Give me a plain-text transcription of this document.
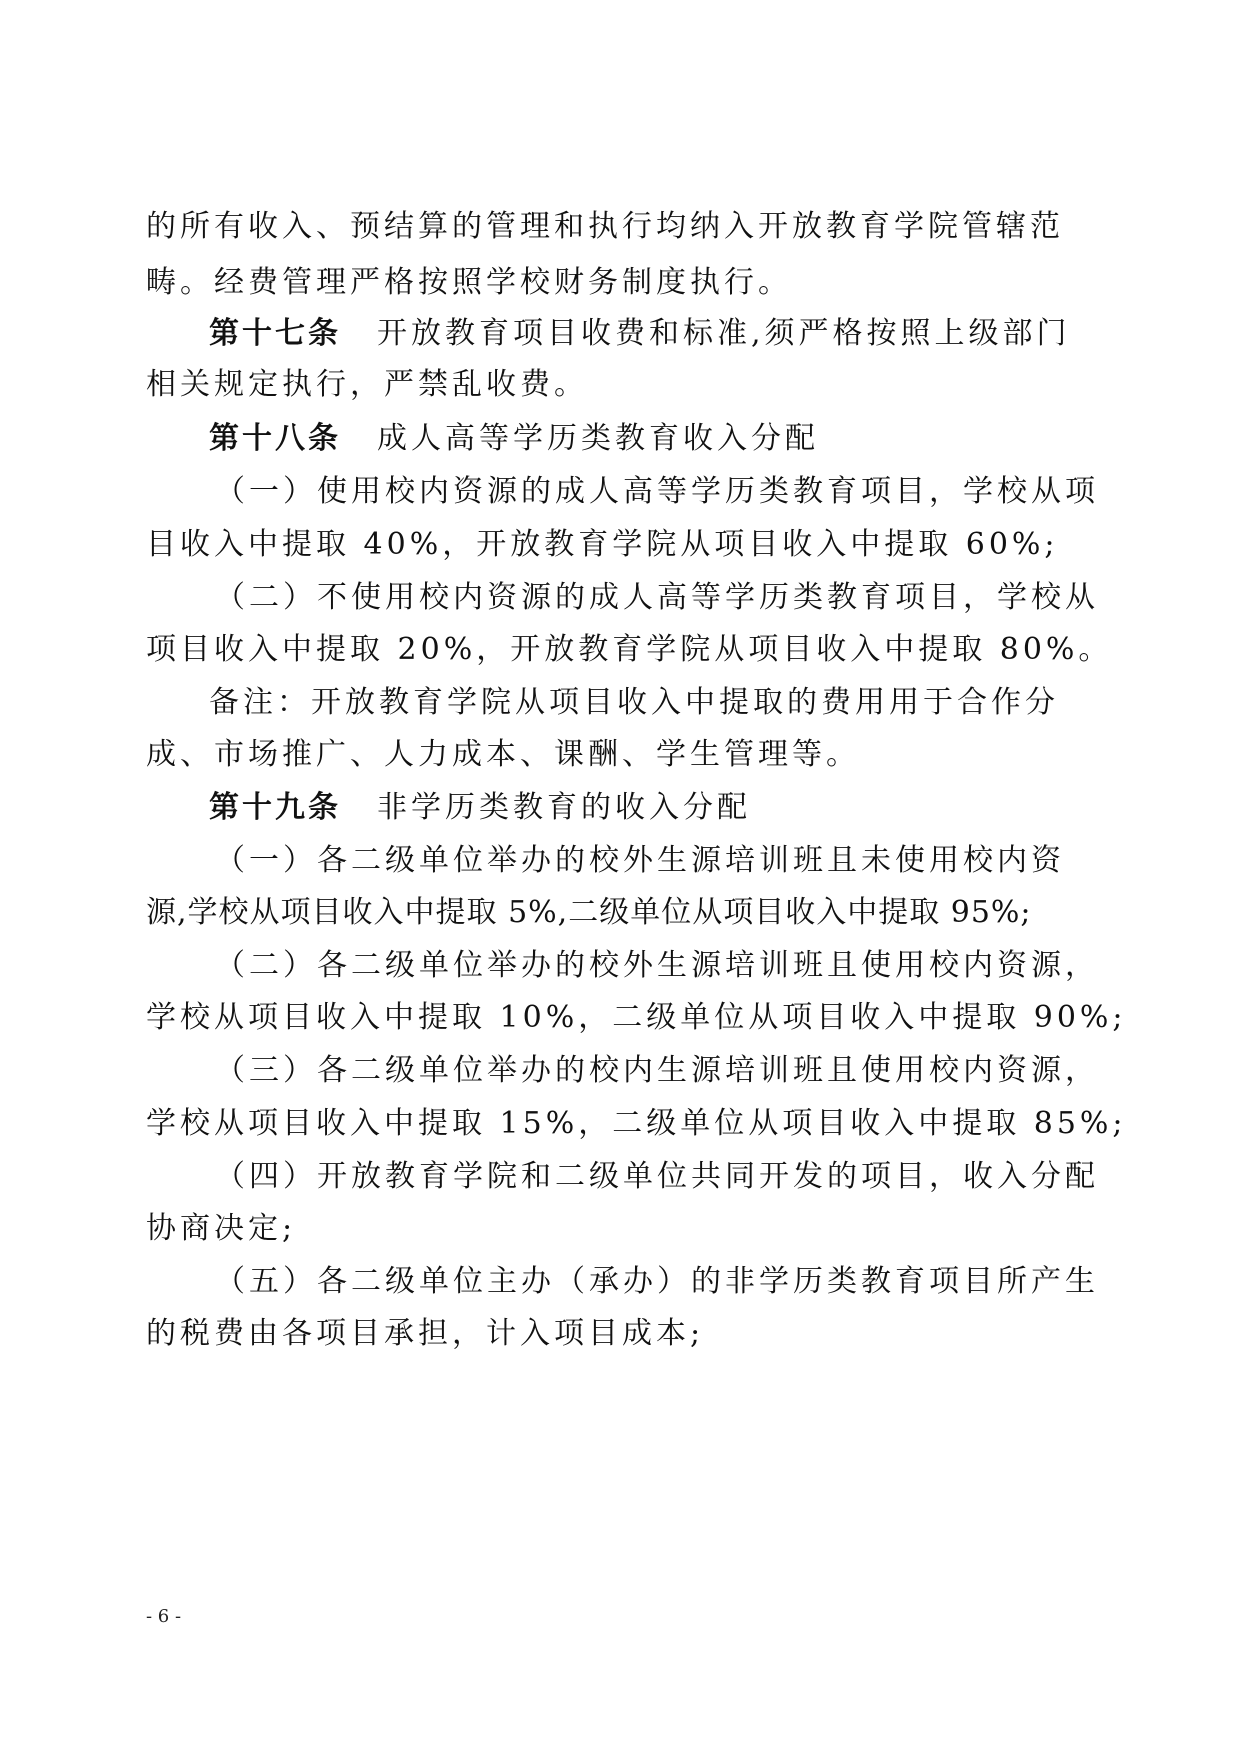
的所有收入、预结算的管理和执行均纳入开放教育学院管辖范
畴。经费管理严格按照学校财务制度执行。
第十七条 开放教育项目收费和标准,须严格按照上级部门
相关规定执行，严禁乱收费。
第十八条 成人高等学历类教育收入分配
（一）使用校内资源的成人高等学历类教育项目，学校从项
目收入中提取 40%，开放教育学院从项目收入中提取 60%;
（二）不使用校内资源的成人高等学历类教育项目，学校从
项目收入中提取 20%，开放教育学院从项目收入中提取 80%。
备注：开放教育学院从项目收入中提取的费用用于合作分
成、市场推广、人力成本、课酬、学生管理等。
第十九条 非学历类教育的收入分配
（一）各二级单位举办的校外生源培训班且未使用校内资
源,学校从项目收入中提取 5%,二级单位从项目收入中提取 95%;
（二）各二级单位举办的校外生源培训班且使用校内资源，
学校从项目收入中提取 10%，二级单位从项目收入中提取 90%;
（三）各二级单位举办的校内生源培训班且使用校内资源，
学校从项目收入中提取 15%，二级单位从项目收入中提取 85%;
（四）开放教育学院和二级单位共同开发的项目，收入分配
协商决定;
（五）各二级单位主办（承办）的非学历类教育项目所产生
的税费由各项目承担，计入项目成本;
- 6 -
